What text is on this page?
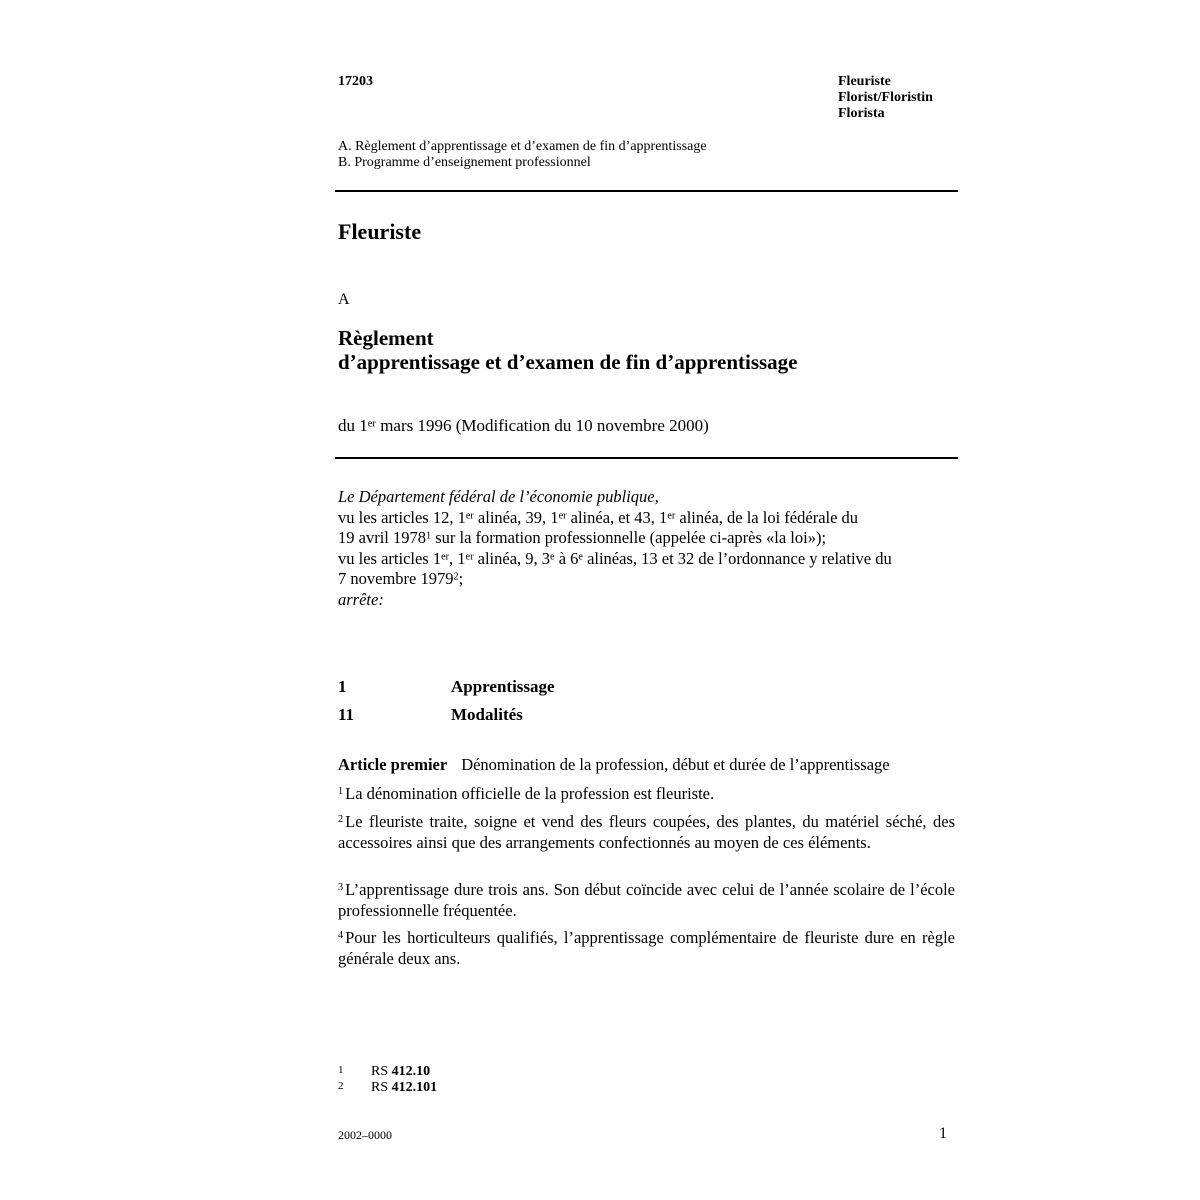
17203	Fleuriste
Florist/Floristin
Florista
A. Règlement d’apprentissage et d’examen de fin d’apprentissage
B. Programme d’enseignement professionnel
Fleuriste
A
Règlement
d’apprentissage et d’examen de fin d’apprentissage
du 1er mars 1996 (Modification du 10 novembre 2000)
Le Département fédéral de l’économie publique,
vu les articles 12, 1er alinéa, 39, 1er alinéa, et 43, 1er alinéa, de la loi fédérale du
19 avril 1978$^1$ sur la formation professionnelle (appelée ci-après «la loi»);
vu les articles 1er, 1er alinéa, 9, 3e à 6e alinéas, 13 et 32 de l’ordonnance y relative du
7 novembre 1979$^2$;
arrête:
1	Apprentissage
11	Modalités
Article premier Dénomination de la profession, début et durée de l’apprentissage
$^1$ La dénomination officielle de la profession est fleuriste.
$^2$ Le fleuriste traite, soigne et vend des fleurs coupées, des plantes, du matériel séché, des accessoires ainsi que des arrangements confectionnés au moyen de ces éléments.
$^3$ L’apprentissage dure trois ans. Son début coïncide avec celui de l’année scolaire de l’école professionnelle fréquentée.
$^4$ Pour les horticulteurs qualifiés, l’apprentissage complémentaire de fleuriste dure en règle générale deux ans.
1 RS 412.10
2 RS 412.101
2002–0000	1
